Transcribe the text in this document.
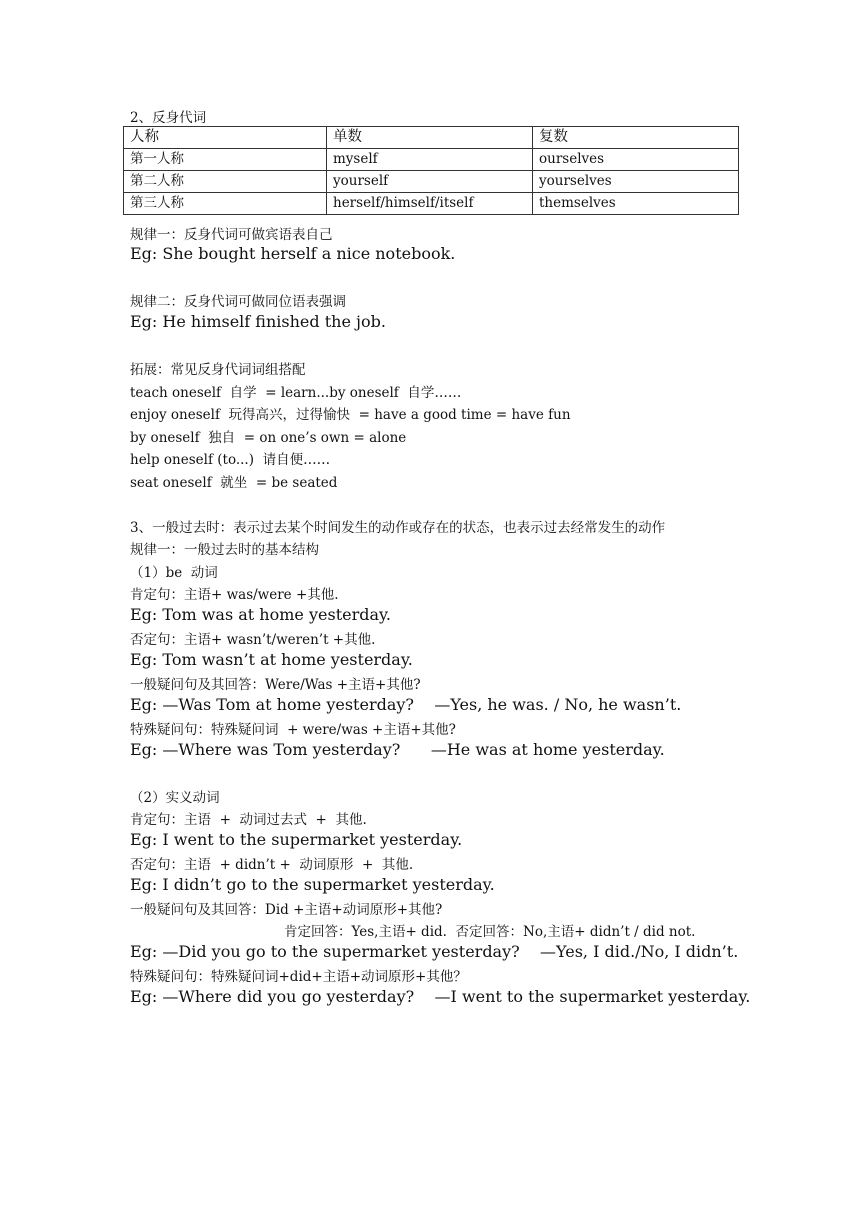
2、反身代词
人称	单数	复数
第一人称	myself	ourselves
第二人称	yourself	yourselves
第三人称	herself/himself/itself	themselves
规律一：反身代词可做宾语表自己
Eg: She bought herself a nice notebook.
规律二：反身代词可做同位语表强调
Eg: He himself finished the job.
拓展：常见反身代词词组搭配
teach oneself  自学  = learn...by oneself  自学……
enjoy oneself  玩得高兴，过得愉快  = have a good time = have fun
by oneself  独自  = on one’s own = alone
help oneself (to...)  请自便……
seat oneself  就坐  = be seated
3、一般过去时：表示过去某个时间发生的动作或存在的状态，也表示过去经常发生的动作
规律一：一般过去时的基本结构
（1）be  动词
肯定句：主语+ was/were +其他.
Eg: Tom was at home yesterday.
否定句：主语+ wasn’t/weren’t +其他.
Eg: Tom wasn’t at home yesterday.
一般疑问句及其回答：Were/Was +主语+其他?
Eg: —Was Tom at home yesterday?    —Yes, he was. / No, he wasn’t.
特殊疑问句：特殊疑问词  + were/was +主语+其他?
Eg: —Where was Tom yesterday?      —He was at home yesterday.
（2）实义动词
肯定句：主语  +  动词过去式  +  其他.
Eg: I went to the supermarket yesterday.
否定句：主语  + didn’t +  动词原形  +  其他.
Eg: I didn’t go to the supermarket yesterday.
一般疑问句及其回答：Did +主语+动词原形+其他?
肯定回答：Yes,主语+ did.  否定回答：No,主语+ didn’t / did not.
Eg: —Did you go to the supermarket yesterday?    —Yes, I did./No, I didn’t.
特殊疑问句：特殊疑问词+did+主语+动词原形+其他？
Eg: —Where did you go yesterday?    —I went to the supermarket yesterday.
